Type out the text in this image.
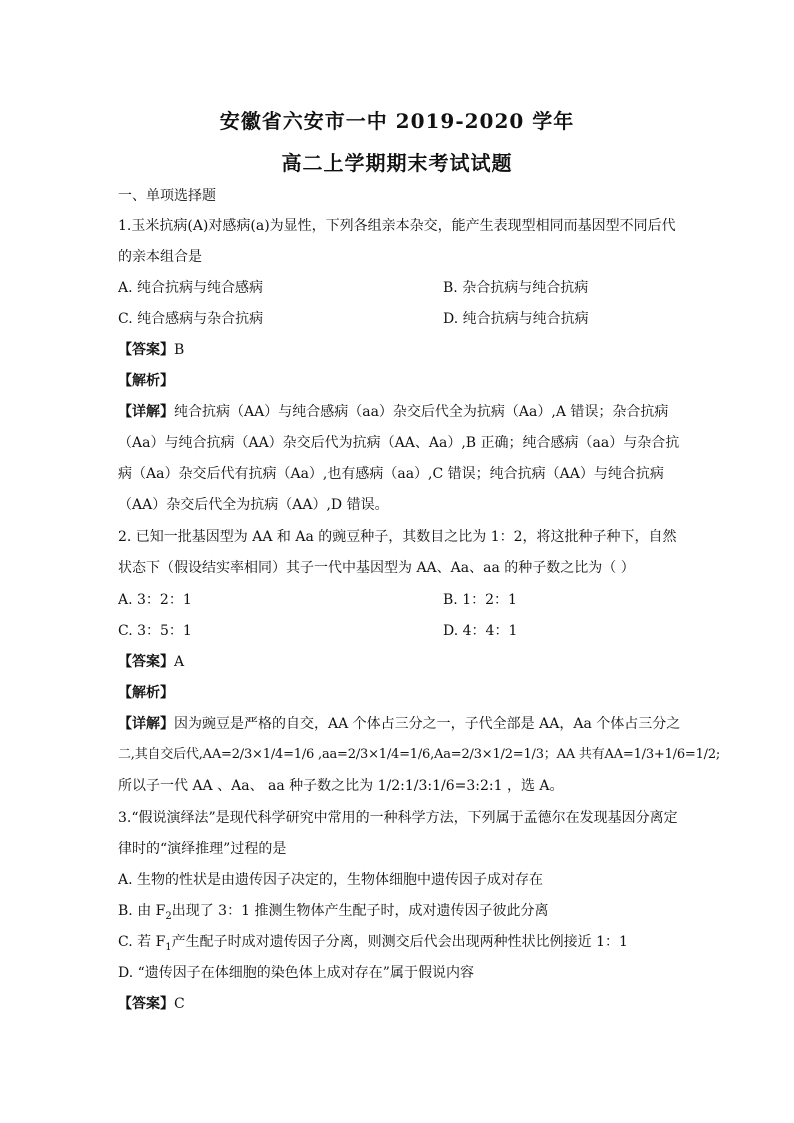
安徽省六安市一中 2019-2020 学年
高二上学期期末考试试题
一、单项选择题
1.玉米抗病(A)对感病(a)为显性，下列各组亲本杂交，能产生表现型相同而基因型不同后代
的亲本组合是
A. 纯合抗病与纯合感病	B. 杂合抗病与纯合抗病
C. 纯合感病与杂合抗病	D. 纯合抗病与纯合抗病
【答案】B
【解析】
【详解】纯合抗病（AA）与纯合感病（aa）杂交后代全为抗病（Aa）,A 错误；杂合抗病
（Aa）与纯合抗病（AA）杂交后代为抗病（AA、Aa）,B 正确；纯合感病（aa）与杂合抗
病（Aa）杂交后代有抗病（Aa）,也有感病（aa）,C 错误；纯合抗病（AA）与纯合抗病
（AA）杂交后代全为抗病（AA）,D 错误。
2. 已知一批基因型为 AA 和 Aa 的豌豆种子，其数目之比为 1：2，将这批种子种下，自然
状态下（假设结实率相同）其子一代中基因型为 AA、Aa、aa 的种子数之比为（ ）
A. 3：2：1	B. 1：2：1
C. 3：5：1	D. 4：4：1
【答案】A
【解析】
【详解】因为豌豆是严格的自交，AA 个体占三分之一，子代全部是 AA，Aa 个体占三分之
二,其自交后代,AA=2/3×1/4=1/6 ,aa=2/3×1/4=1/6,Aa=2/3×1/2=1/3；AA 共有AA=1/3+1/6=1/2;
所以子一代 AA 、Aa、 aa 种子数之比为 1/2:1/3:1/6=3:2:1 ，选 A。
3.“假说演绎法”是现代科学研究中常用的一种科学方法，下列属于孟德尔在发现基因分离定
律时的“演绎推理”过程的是
A. 生物的性状是由遗传因子决定的，生物体细胞中遗传因子成对存在
B. 由 $F_2$出现了 3：1 推测生物体产生配子时，成对遗传因子彼此分离
C. 若 $F_1$产生配子时成对遗传因子分离，则测交后代会出现两种性状比例接近 1：1
D. “遗传因子在体细胞的染色体上成对存在”属于假说内容
【答案】C
